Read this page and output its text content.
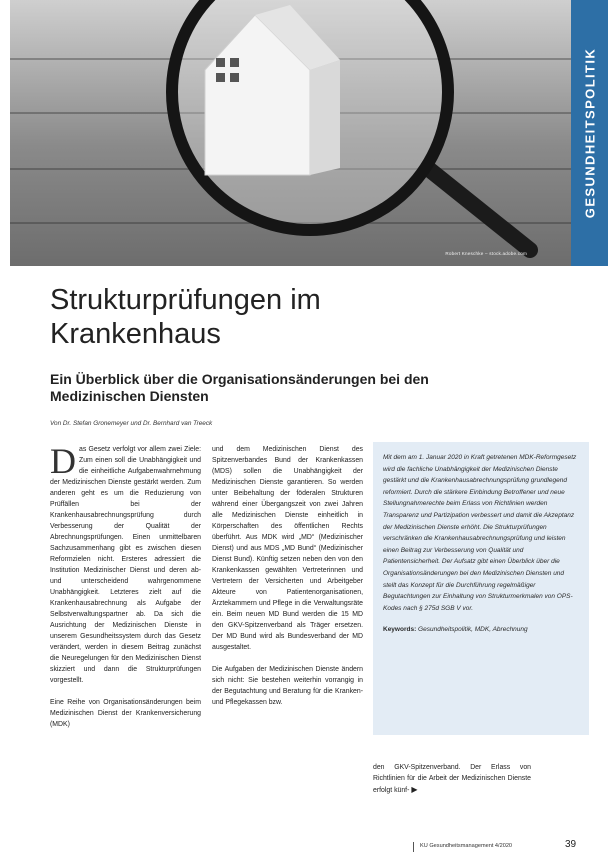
Robert Kneschke – stock.adobe.com
GESUNDHEITSPOLITIK
Strukturprüfungen im Krankenhaus
Ein Überblick über die Organisationsänderungen bei den Medizinischen Diensten
Von Dr. Stefan Gronemeyer und Dr. Bernhard van Treeck

Das Gesetz verfolgt vor allem zwei Ziele: Zum einen soll die Unabhängigkeit und die einheitliche Aufgabenwahrnehmung der Medizinischen Dienste gestärkt werden. Zum anderen geht es um die Reduzierung von Prüffällen bei der Krankenhausabrechnungsprüfung durch Verbesserung der Qualität der Abrechnungsprüfungen. Einen unmittelbaren Sachzusammenhang gibt es zwischen diesen Reformzielen nicht. Ersteres adressiert die Institution Medizinischer Dienst und deren ab- und unterscheidend wahrgenommene Unabhängigkeit. Letzteres zielt auf die Krankenhausabrechnung als Aufgabe der Selbstverwaltungspartner ab. Da sich die Ausrichtung der Medizinischen Dienste in unserem Gesundheitssystem durch das Gesetz verändert, werden in diesem Beitrag zunächst die Neuregelungen für den Medizinischen Dienst skizziert und dann die Strukturprüfungen vorgestellt.

Eine Reihe von Organisationsänderungen beim Medizinischen Dienst der Krankenversicherung (MDK)

und dem Medizinischen Dienst des Spitzenverbandes Bund der Krankenkassen (MDS) sollen die Unabhängigkeit der Medizinischen Dienste garantieren. So werden unter Beibehaltung der föderalen Strukturen während einer Übergangszeit von zwei Jahren alle Medizinischen Dienste einheitlich in Körperschaften des öffentlichen Rechts überführt. Aus MDK wird „MD“ (Medizinischer Dienst) und aus MDS „MD Bund“ (Medizinischer Dienst Bund). Künftig setzen neben den von den Krankenkassen gewählten Vertreterinnen und Vertretern der Versicherten und Arbeitgeber Akteure von Patientenorganisationen, Ärztekammern und Pflege in die Verwaltungsräte ein. Beim neuen MD Bund werden die 15 MD den GKV-Spitzenverband als Träger ersetzen. Der MD Bund wird als Bundesverband der MD ausgestaltet.

Die Aufgaben der Medizinischen Dienste ändern sich nicht: Sie bestehen weiterhin vorrangig in der Begutachtung und Beratung für die Kranken- und Pflegekassen bzw.

Mit dem am 1. Januar 2020 in Kraft getretenen MDK-Reformgesetz wird die fachliche Unabhängigkeit der Medizinischen Dienste gestärkt und die Krankenhausabrechnungsprüfung grundlegend reformiert. Durch die stärkere Einbindung Betroffener und neue Stellungnahmerechte beim Erlass von Richtlinien werden Transparenz und Partizipation verbessert und damit die Akzeptanz der Medizinischen Dienste erhöht. Die Strukturprüfungen verschränken die Krankenhausabrechnungsprüfung und leisten einen Beitrag zur Verbesserung von Qualität und Patientensicherheit. Der Aufsatz gibt einen Überblick über die Organisationsänderungen bei den Medizinischen Diensten und stellt das Konzept für die Durchführung regelmäßiger Begutachtungen zur Einhaltung von Strukturmerkmalen von OPS-Kodes nach § 275d SGB V vor.

Keywords: Gesundheitspolitik, MDK, Abrechnung

den GKV-Spitzenverband. Der Erlass von Richtlinien für die Arbeit der Medizinischen Dienste erfolgt künf- ▶

KU Gesundheitsmanagement 4/2020	39
